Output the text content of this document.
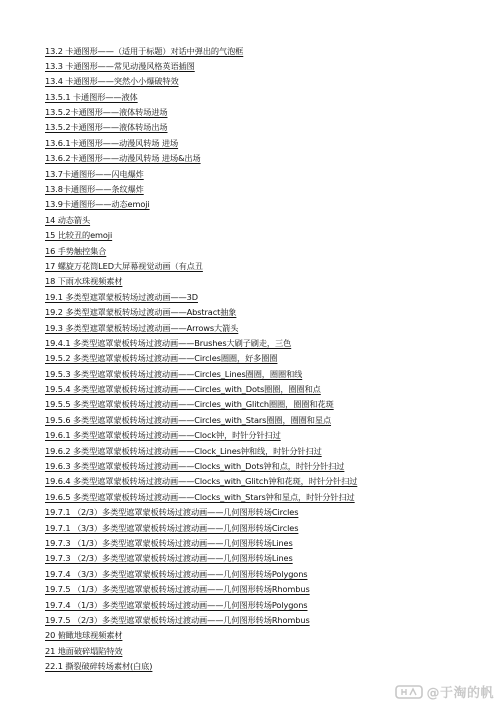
13.2 卡通图形——（适用于标题）对话中弹出的气泡框
13.3 卡通图形——常见动漫风格英语插图
13.4 卡通图形——突然小小爆破特效
13.5.1 卡通图形——液体
13.5.2卡通图形——液体转场进场
13.5.2卡通图形——液体转场出场
13.6.1卡通图形——动漫风转场 进场
13.6.2卡通图形——动漫风转场 进场&出场
13.7卡通图形——闪电爆炸
13.8卡通图形——条纹爆炸
13.9卡通图形——动态emoji
14 动态箭头
15 比较丑的emoji
16 手势触控集合
17 螺旋万花筒LED大屏幕视觉动画（有点丑
18 下雨水珠视频素材
19.1 多类型遮罩蒙板转场过渡动画——3D
19.2 多类型遮罩蒙板转场过渡动画——Abstract抽象
19.3 多类型遮罩蒙板转场过渡动画——Arrows大箭头
19.4.1 多类型遮罩蒙板转场过渡动画——Brushes大刷子刷走，三色
19.5.2 多类型遮罩蒙板转场过渡动画——Circles圈圈，好多圈圈
19.5.3 多类型遮罩蒙板转场过渡动画——Circles_Lines圈圈，圈圈和线
19.5.4 多类型遮罩蒙板转场过渡动画——Circles_with_Dots圈圈，圈圈和点
19.5.5 多类型遮罩蒙板转场过渡动画——Circles_with_Glitch圈圈，圈圈和花斑
19.5.6 多类型遮罩蒙板转场过渡动画——Circles_with_Stars圈圈，圈圈和星点
19.6.1 多类型遮罩蒙板转场过渡动画——Clock钟，时针分针扫过
19.6.2 多类型遮罩蒙板转场过渡动画——Clock_Lines钟和线，时针分针扫过
19.6.3 多类型遮罩蒙板转场过渡动画——Clocks_with_Dots钟和点，时针分针扫过
19.6.4 多类型遮罩蒙板转场过渡动画——Clocks_with_Glitch钟和花斑，时针分针扫过
19.6.5 多类型遮罩蒙板转场过渡动画——Clocks_with_Stars钟和星点，时针分针扫过
19.7.1 （2/3）多类型遮罩蒙板转场过渡动画——几何图形转场Circles
19.7.1 （3/3）多类型遮罩蒙板转场过渡动画——几何图形转场Circles
19.7.3 （1/3）多类型遮罩蒙板转场过渡动画——几何图形转场Lines
19.7.3 （2/3）多类型遮罩蒙板转场过渡动画——几何图形转场Lines
19.7.4 （3/3）多类型遮罩蒙板转场过渡动画——几何图形转场Polygons
19.7.5 （1/3）多类型遮罩蒙板转场过渡动画——几何图形转场Rhombus
19.7.4 （1/3）多类型遮罩蒙板转场过渡动画——几何图形转场Polygons
19.7.5 （2/3）多类型遮罩蒙板转场过渡动画——几何图形转场Rhombus
20 俯瞰地球视频素材
21 地面破碎塌陷特效
22.1 撕裂破碎转场素材(白底)
@于淘的帆
